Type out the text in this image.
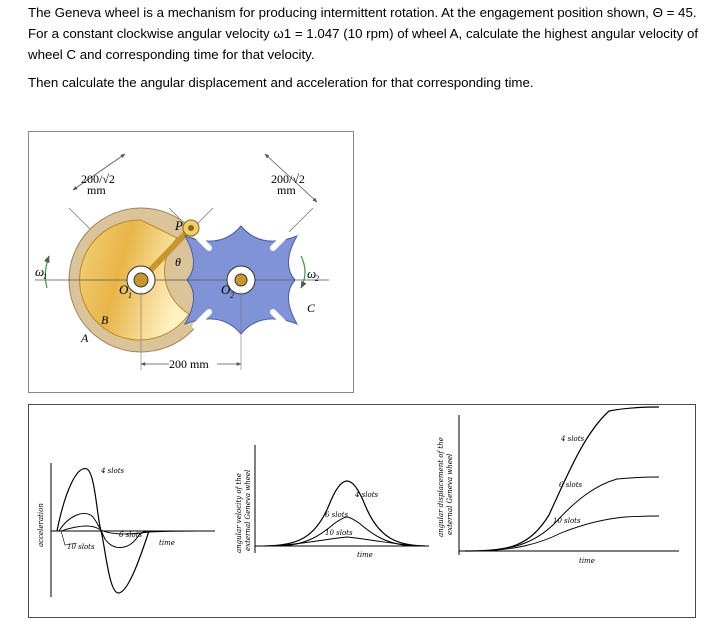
The Geneva wheel is a mechanism for producing intermittent rotation. At the engagement position shown, Θ = 45. For a constant clockwise angular velocity ω1 = 1.047 (10 rpm) of wheel A, calculate the highest angular velocity of wheel C and corresponding time for that velocity.

Then calculate the angular displacement and acceleration for that corresponding time.

200/√2
mm
200/√2
mm
200 mm
ω
1	ω
2
O 1	O 2
P
θ
A
B
C
acceleration
4 slots
6 slots
10 slots	time	angular velocity of the external Geneva wheel	4 slots
6 slots
10 slots
time
angular displacement of the external Geneva wheel
4 slots
6 slots
10 slots
time
